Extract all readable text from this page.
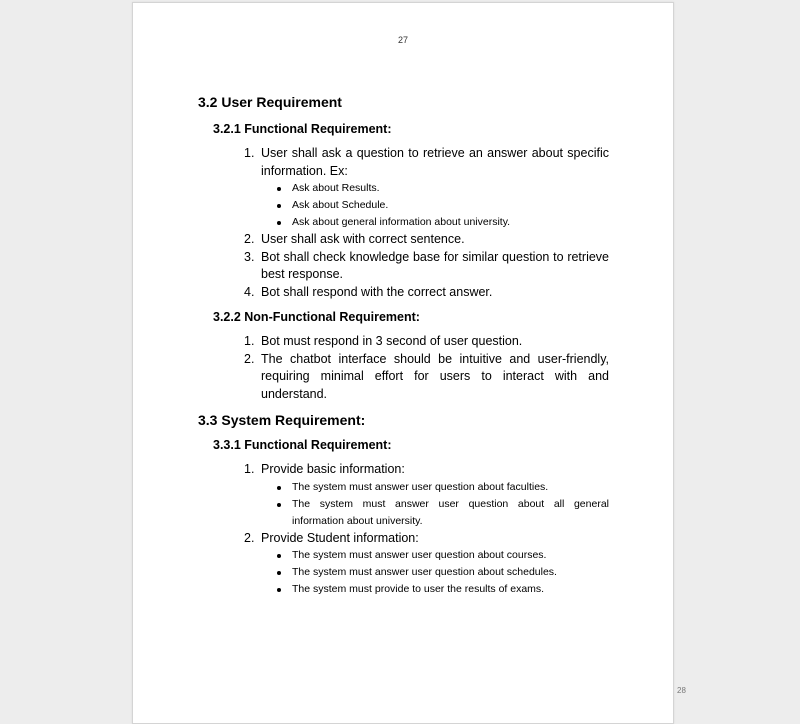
27
3.2 User Requirement
3.2.1 Functional Requirement:
1. User shall ask a question to retrieve an answer about specific information. Ex:
Ask about Results.
Ask about Schedule.
Ask about general information about university.
2. User shall ask with correct sentence.
3. Bot shall check knowledge base for similar question to retrieve best response.
4. Bot shall respond with the correct answer.
3.2.2 Non-Functional Requirement:
1. Bot must respond in 3 second of user question.
2. The chatbot interface should be intuitive and user-friendly, requiring minimal effort for users to interact with and understand.
3.3 System Requirement:
3.3.1 Functional Requirement:
1. Provide basic information:
The system must answer user question about faculties.
The system must answer user question about all general information about university.
2. Provide Student information:
The system must answer user question about courses.
The system must answer user question about schedules.
The system must provide to user the results of exams.
28
